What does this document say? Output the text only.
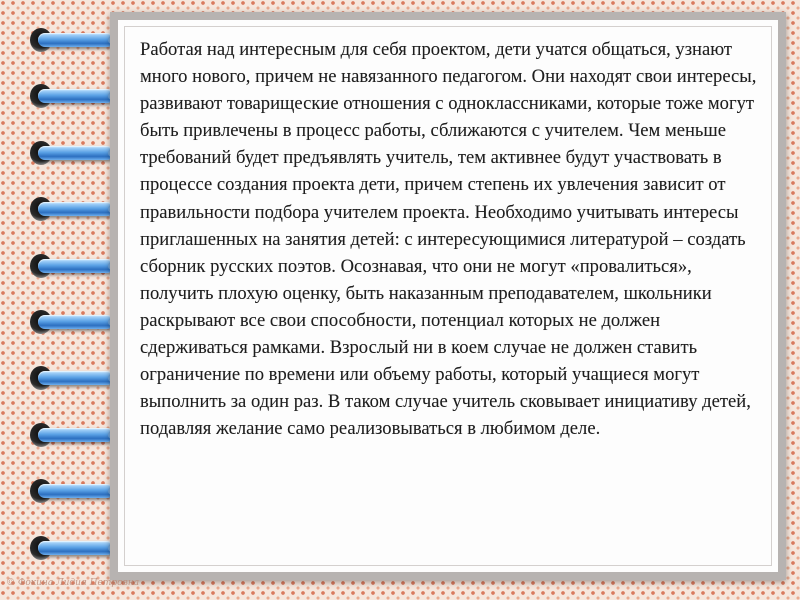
Работая над интересным для себя проектом, дети учатся общаться, узнают много нового, причем не навязанного педагогом. Они находят свои интересы, развивают товарищеские отношения с одноклассниками, которые тоже могут быть привлечены в процесс работы, сближаются с учителем. Чем меньше требований будет предъявлять учитель, тем активнее будут участвовать в процессе создания проекта дети, причем степень их увлечения зависит от правильности подбора учителем проекта. Необходимо учитывать интересы приглашенных на занятия детей: с интересующимися литературой – создать сборник русских поэтов. Осознавая, что они не могут «провалиться», получить плохую оценку, быть наказанным преподавателем, школьники раскрывают все свои способности, потенциал которых не должен сдерживаться рамками. Взрослый ни в коем случае не должен ставить ограничение по времени или объему работы, который учащиеся могут выполнить за один раз. В таком случае учитель сковывает инициативу детей, подавляя желание само реализовываться в любимом деле.

© Фокина Лидия Петровна
